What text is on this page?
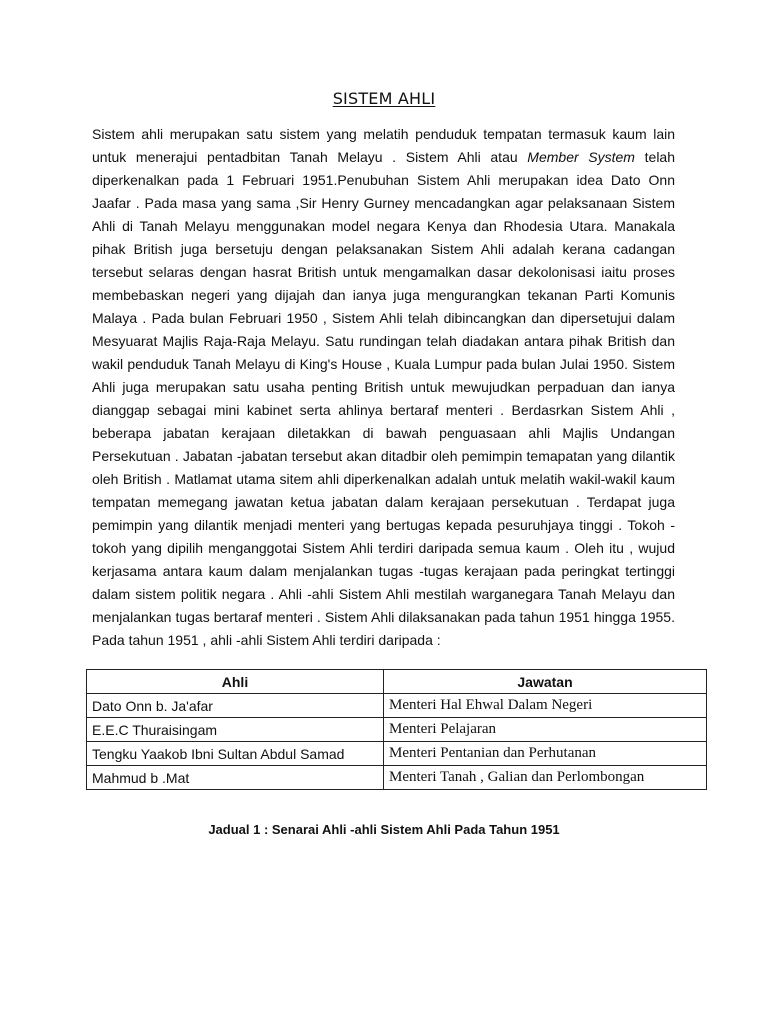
SISTEM AHLI

Sistem ahli merupakan satu sistem yang melatih penduduk tempatan termasuk kaum lain untuk menerajui pentadbitan Tanah Melayu . Sistem Ahli atau Member System telah diperkenalkan pada 1 Februari 1951.Penubuhan Sistem Ahli merupakan idea Dato Onn Jaafar . Pada masa yang sama ,Sir Henry Gurney mencadangkan agar pelaksanaan Sistem Ahli di Tanah Melayu menggunakan model negara Kenya dan Rhodesia Utara. Manakala pihak British juga bersetuju dengan pelaksanakan Sistem Ahli adalah kerana cadangan tersebut selaras dengan hasrat British untuk mengamalkan dasar dekolonisasi iaitu proses membebaskan negeri yang dijajah dan ianya juga mengurangkan tekanan Parti Komunis Malaya . Pada bulan Februari 1950 , Sistem Ahli telah dibincangkan dan dipersetujui dalam Mesyuarat Majlis Raja-Raja Melayu. Satu rundingan telah diadakan antara pihak British dan wakil penduduk Tanah Melayu di King's House , Kuala Lumpur pada bulan Julai 1950. Sistem Ahli juga merupakan satu usaha penting British untuk mewujudkan perpaduan dan ianya dianggap sebagai mini kabinet serta ahlinya bertaraf menteri . Berdasrkan Sistem Ahli , beberapa jabatan kerajaan diletakkan di bawah penguasaan ahli Majlis Undangan Persekutuan . Jabatan -jabatan tersebut akan ditadbir oleh pemimpin temapatan yang dilantik oleh British . Matlamat utama sitem ahli diperkenalkan adalah untuk melatih wakil-wakil kaum tempatan memegang jawatan ketua jabatan dalam kerajaan persekutuan . Terdapat juga pemimpin yang dilantik menjadi menteri yang bertugas kepada pesuruhjaya tinggi . Tokoh -tokoh yang dipilih menganggotai Sistem Ahli terdiri daripada semua kaum . Oleh itu , wujud kerjasama antara kaum dalam menjalankan tugas -tugas kerajaan pada peringkat tertinggi dalam sistem politik negara . Ahli -ahli Sistem Ahli mestilah warganegara Tanah Melayu dan menjalankan tugas bertaraf menteri . Sistem Ahli dilaksanakan pada tahun 1951 hingga 1955. Pada tahun 1951 , ahli -ahli Sistem Ahli terdiri daripada :

Ahli	Jawatan
Dato Onn b. Ja'afar	Menteri Hal Ehwal Dalam Negeri
E.E.C Thuraisingam	Menteri Pelajaran
Tengku Yaakob Ibni Sultan Abdul Samad	Menteri Pentanian dan Perhutanan
Mahmud b .Mat	Menteri Tanah , Galian dan Perlombongan
Jadual 1 : Senarai Ahli -ahli Sistem Ahli Pada Tahun 1951
